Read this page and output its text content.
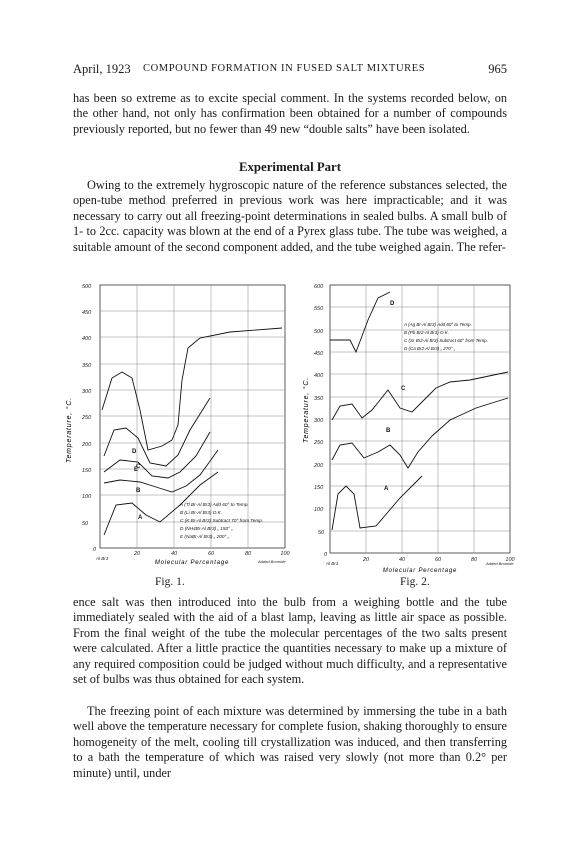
April, 1923 COMPOUND FORMATION IN FUSED SALT MIXTURES	965

has been so extreme as to excite special comment. In the systems recorded below, on the other hand, not only has confirmation been obtained for a number of compounds previously reported, but no fewer than 49 new “double salts” have been isolated.

Experimental Part

Owing to the extremely hygroscopic nature of the reference substances selected, the open-tube method preferred in previous work was here impracticable; and it was necessary to carry out all freezing-point determinations in sealed bulbs. A small bulb of 1- to 2cc. capacity was blown at the end of a Pyrex glass tube. The tube was weighed, a suitable amount of the second component added, and the tube weighed again. The refer-

500
450
400
350
300
250
200
150
100
50
0
20	40	60	80	100
Al Br3
Added Bromide
Molecular Percentage
Temperature, °C.
E
D
C
B
A
A (Tl Br-Al Br3) Add 60° to Temp.
B (Li Br-Al Br3) O.K.
C (K Br-Al Br3) Subtract 70° from Temp.
D (NH4Br-Al Br3) „ 150° „
E (NaBr-Al Br3) „ 200° „
Fig. 1.
600
550
500
450
400
350
300
250
200
150
100
50
0
20	40	60	80	100
Al Br3	Added Bromide
Molecular Percentage
Temperature, °C.
D
C
B
A
A (Ag Br-Al Br3) Add 60° to Temp.
B (Pb Br2-Al Br3) O.K.
C (Sr Br2-Al Br3) Subtract 60° from Temp.
D (Ca Br2-Al Br3) „ 270° „
Fig. 2.

ence salt was then introduced into the bulb from a weighing bottle and the tube immediately sealed with the aid of a blast lamp, leaving as little air space as possible. From the final weight of the tube the molecular percentages of the two salts present were calculated. After a little practice the quantities necessary to make up a mixture of any required composition could be judged without much difficulty, and a representative set of bulbs was thus obtained for each system.

The freezing point of each mixture was determined by immersing the tube in a bath well above the temperature necessary for complete fusion, shaking thoroughly to ensure homogeneity of the melt, cooling till crystallization was induced, and then transferring to a bath the temperature of which was raised very slowly (not more than 0.2° per minute) until, under
